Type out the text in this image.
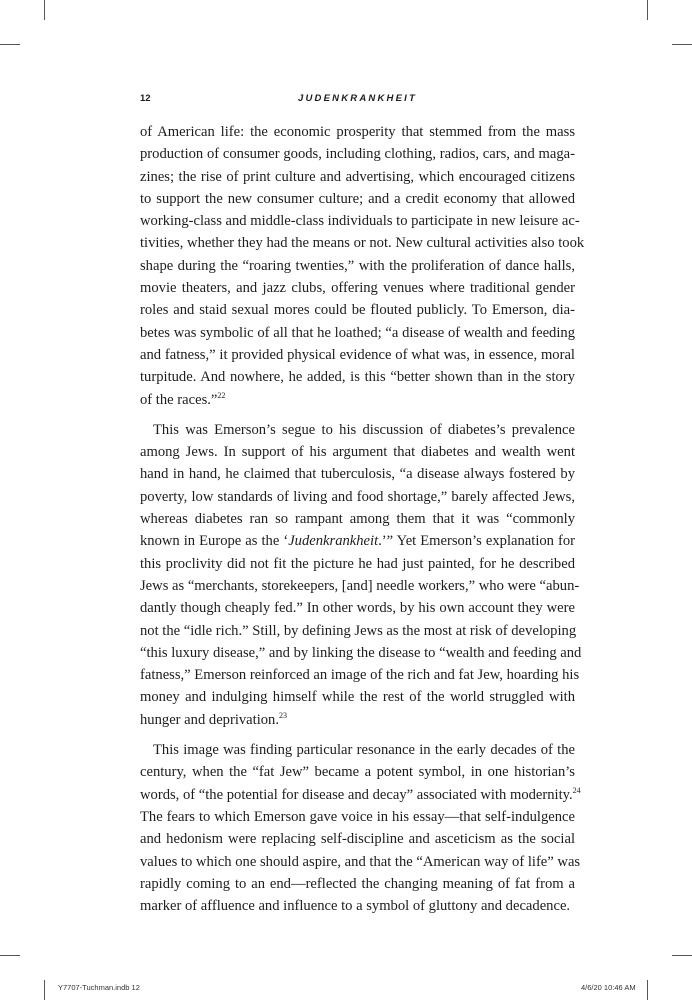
12	JUDENKRANKHEIT

of American life: the economic prosperity that stemmed from the mass
production of consumer goods, including clothing, radios, cars, and maga-
zines; the rise of print culture and advertising, which encouraged citizens
to support the new consumer culture; and a credit economy that allowed
working-class and middle-class individuals to participate in new leisure ac-
tivities, whether they had the means or not. New cultural activities also took
shape during the “roaring twenties,” with the proliferation of dance halls,
movie theaters, and jazz clubs, offering venues where traditional gender
roles and staid sexual mores could be flouted publicly. To Emerson, dia-
betes was symbolic of all that he loathed; “a disease of wealth and feeding
and fatness,” it provided physical evidence of what was, in essence, moral
turpitude. And nowhere, he added, is this “better shown than in the story
of the races.”$^{22}$

This was Emerson’s segue to his discussion of diabetes’s prevalence
among Jews. In support of his argument that diabetes and wealth went
hand in hand, he claimed that tuberculosis, “a disease always fostered by
poverty, low standards of living and food shortage,” barely affected Jews,
whereas diabetes ran so rampant among them that it was “commonly
known in Europe as the ‘Judenkrankheit.’” Yet Emerson’s explanation for
this proclivity did not fit the picture he had just painted, for he described
Jews as “merchants, storekeepers, [and] needle workers,” who were “abun-
dantly though cheaply fed.” In other words, by his own account they were
not the “idle rich.” Still, by defining Jews as the most at risk of developing
“this luxury disease,” and by linking the disease to “wealth and feeding and
fatness,” Emerson reinforced an image of the rich and fat Jew, hoarding his
money and indulging himself while the rest of the world struggled with
hunger and deprivation.$^{23}$

This image was finding particular resonance in the early decades of the
century, when the “fat Jew” became a potent symbol, in one historian’s
words, of “the potential for disease and decay” associated with modernity.$^{24}$
The fears to which Emerson gave voice in his essay—that self-indulgence
and hedonism were replacing self-discipline and asceticism as the social
values to which one should aspire, and that the “American way of life” was
rapidly coming to an end—reflected the changing meaning of fat from a
marker of affluence and influence to a symbol of gluttony and decadence.

Y7707-Tuchman.indb 12	4/6/20 10:46 AM
